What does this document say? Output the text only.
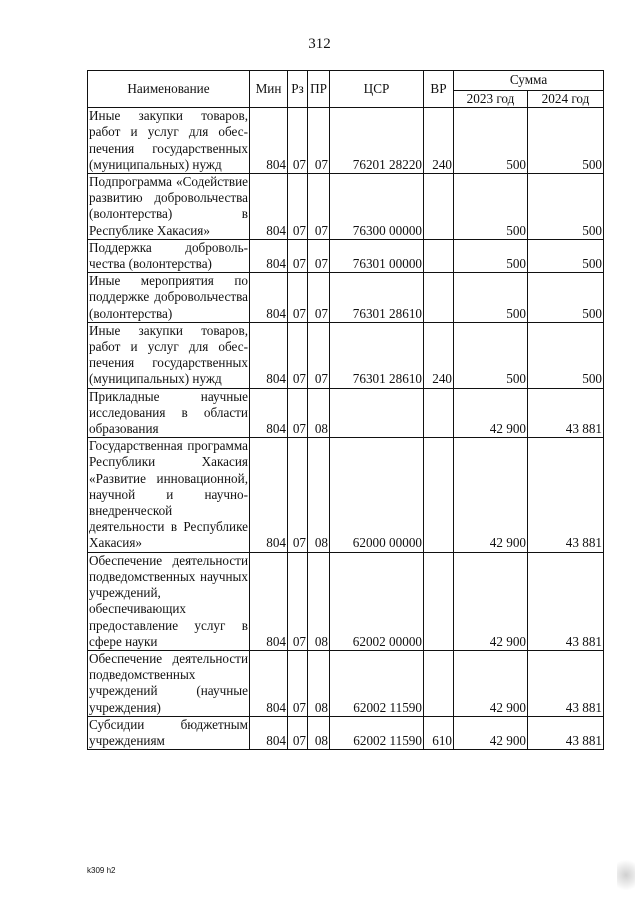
312
Наименование	Мин	Рз	ПР	ЦСР	ВР	Сумма	
						2023 год	2024 год
Иные закупки товаров, работ и услуг для обеспечения государственных (муниципальных) нужд	804	07	07	76201 28220	240	500	500
Подпрограмма «Содействие развитию добровольчества (волонтерства) в Республике Хакасия»	804	07	07	76300 00000		500	500
Поддержка добровольчества (волонтерства)	804	07	07	76301 00000		500	500
Иные мероприятия по поддержке добровольчества (волонтерства)	804	07	07	76301 28610		500	500
Иные закупки товаров, работ и услуг для обеспечения государственных (муниципальных) нужд	804	07	07	76301 28610	240	500	500
Прикладные научные исследования в области образования	804	07	08			42 900	43 881
Государственная программа Республики Хакасия «Развитие инновационной, научной и научно-внедренческой деятельности в Республике Хакасия»	804	07	08	62000 00000		42 900	43 881
Обеспечение деятельности подведомственных научных учреждений, обеспечивающих предоставление услуг в сфере науки	804	07	08	62002 00000		42 900	43 881
Обеспечение деятельности подведомственных учреждений (научные учреждения)	804	07	08	62002 11590		42 900	43 881
Субсидии бюджетным учреждениям	804	07	08	62002 11590	610	42 900	43 881
k309 h2
